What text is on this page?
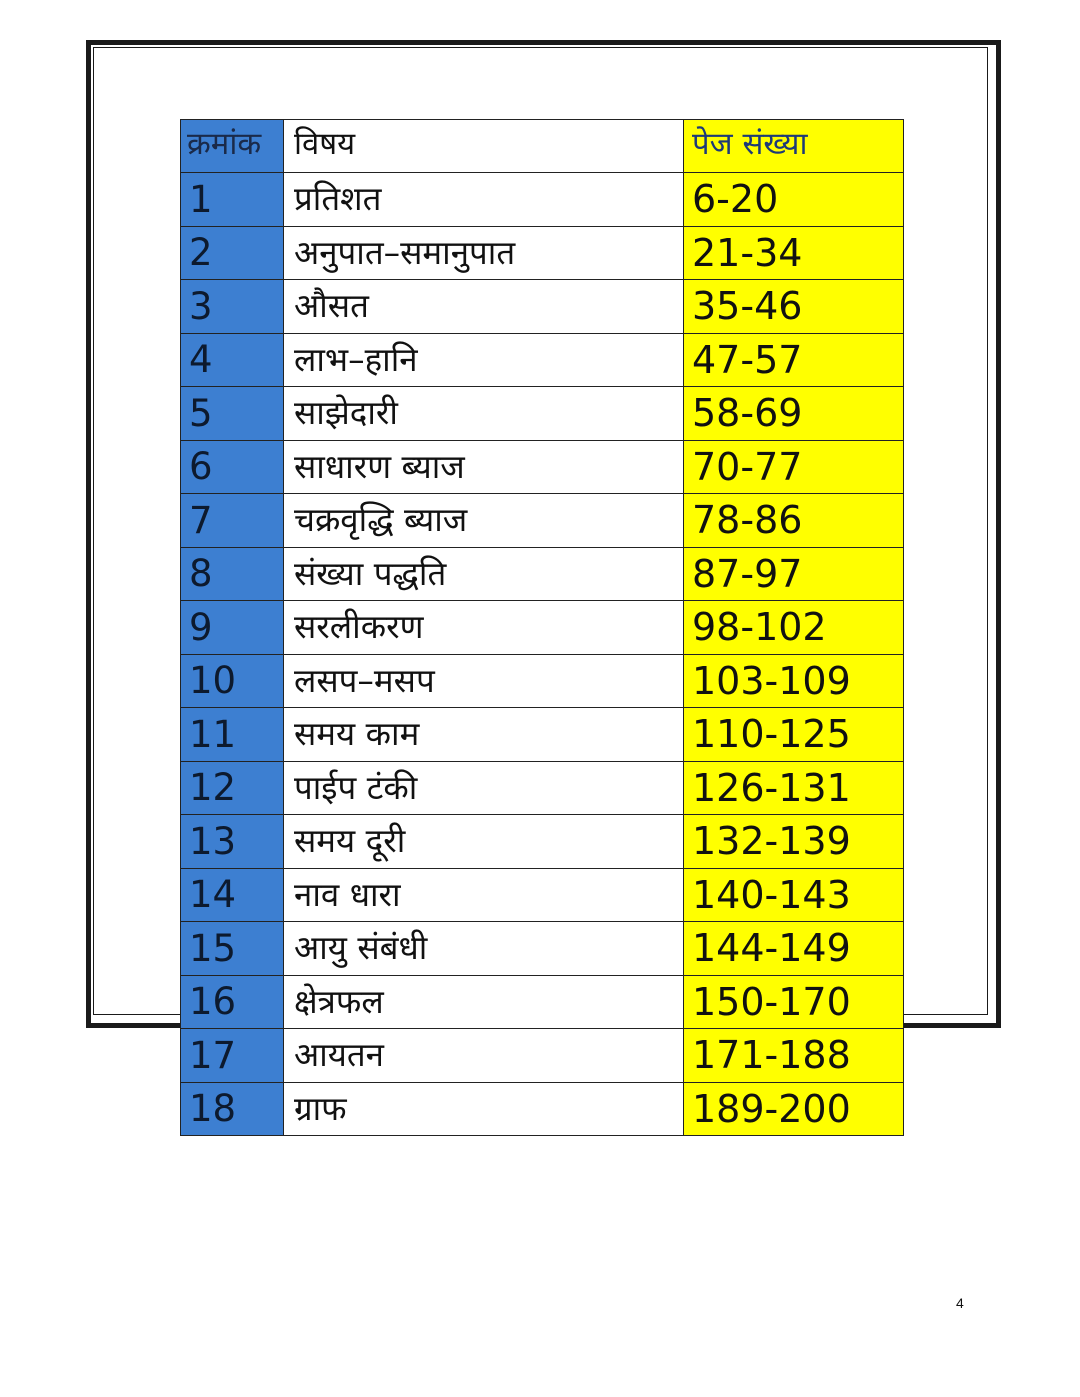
क्रमांक	विषय	पेज संख्या
1	प्रतिशत	6-20
2	अनुपात–समानुपात	21-34
3	औसत	35-46
4	लाभ–हानि	47-57
5	साझेदारी	58-69
6	साधारण ब्याज	70-77
7	चक्रवृद्धि ब्याज	78-86
8	संख्या पद्धति	87-97
9	सरलीकरण	98-102
10	लसप–मसप	103-109
11	समय काम	110-125
12	पाईप टंकी	126-131
13	समय दूरी	132-139
14	नाव धारा	140-143
15	आयु संबंधी	144-149
16	क्षेत्रफल	150-170
17	आयतन	171-188
18	ग्राफ	189-200
4
